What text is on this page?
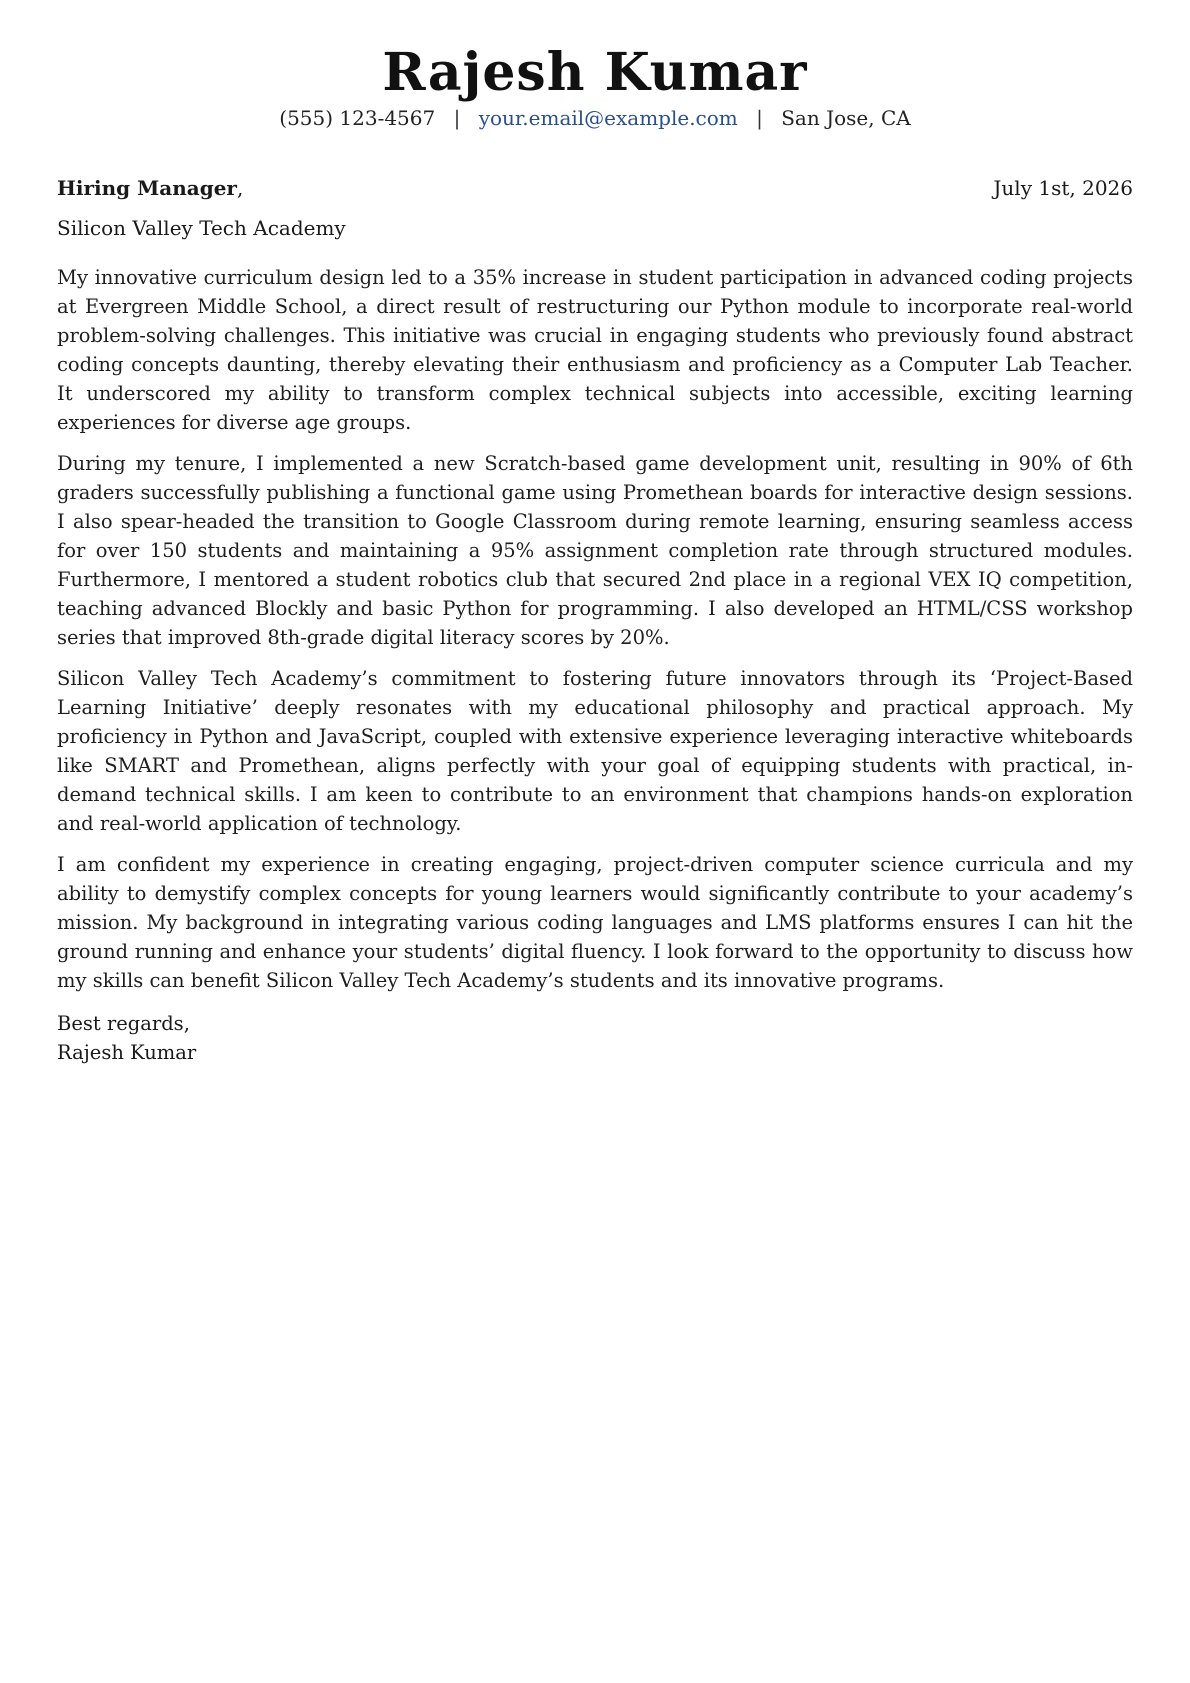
Rajesh Kumar
(555) 123-4567 | your.email@example.com | San Jose, CA
Hiring Manager,	July 1st, 2026
Silicon Valley Tech Academy

My innovative curriculum design led to a 35% increase in student participation in advanced coding projects at Evergreen Middle School, a direct result of restructuring our Python module to incorporate real-world problem-solving challenges. This initiative was crucial in engaging students who previously found abstract coding concepts daunting, thereby elevating their enthusiasm and proficiency as a Computer Lab Teacher. It underscored my ability to transform complex technical subjects into accessible, exciting learning experiences for diverse age groups.

During my tenure, I implemented a new Scratch-based game development unit, resulting in 90% of 6th graders successfully publishing a functional game using Promethean boards for interactive design sessions. I also spear-headed the transition to Google Classroom during remote learning, ensuring seamless access for over 150 students and maintaining a 95% assignment completion rate through structured modules. Furthermore, I mentored a student robotics club that secured 2nd place in a regional VEX IQ competition, teaching advanced Blockly and basic Python for programming. I also developed an HTML/CSS workshop series that improved 8th-grade digital literacy scores by 20%.

Silicon Valley Tech Academy’s commitment to fostering future innovators through its ‘Project-Based Learning Initiative’ deeply resonates with my educational philosophy and practical approach. My proficiency in Python and JavaScript, coupled with extensive experience leveraging interactive whiteboards like SMART and Promethean, aligns perfectly with your goal of equipping students with practical, in-demand technical skills. I am keen to contribute to an environment that champions hands-on exploration and real-world application of technology.

I am confident my experience in creating engaging, project-driven computer science curricula and my ability to demystify complex concepts for young learners would significantly contribute to your academy’s mission. My background in integrating various coding languages and LMS platforms ensures I can hit the ground running and enhance your students’ digital fluency. I look forward to the opportunity to discuss how my skills can benefit Silicon Valley Tech Academy’s students and its innovative programs.

Best regards,
Rajesh Kumar
